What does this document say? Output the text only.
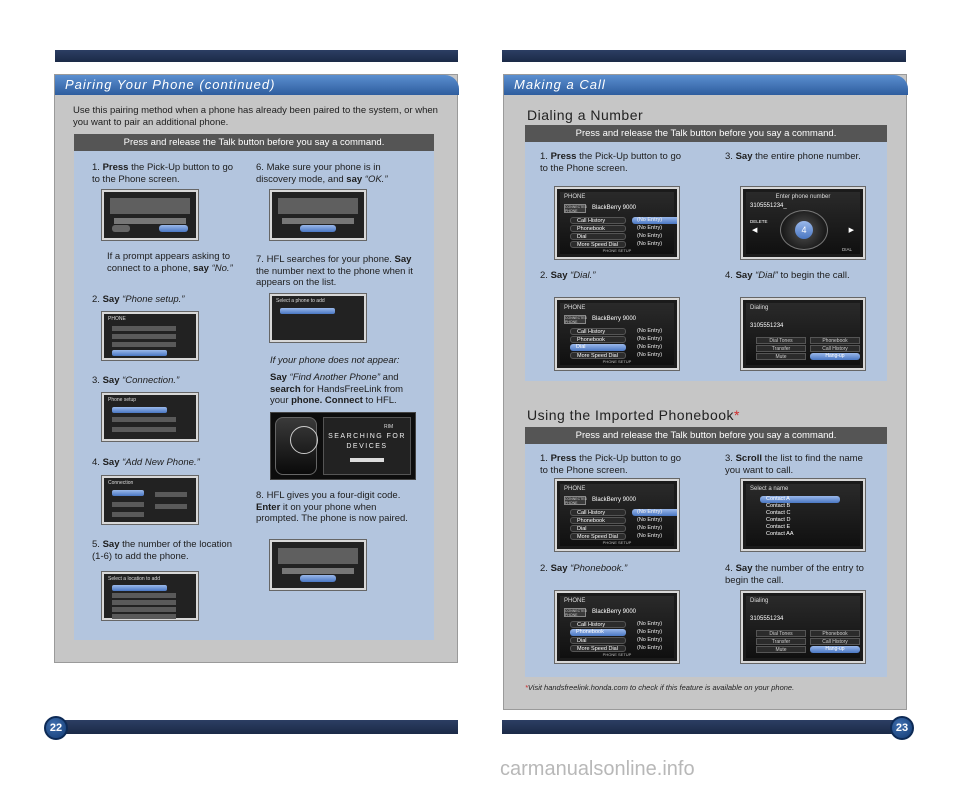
22	23
Pairing Your Phone (continued)
Use this pairing method when a phone has already been paired to the system, or when you want to pair an additional phone.
Press and release the Talk button before you say a command.
1. Press the Pick-Up button to go to the Phone screen.
If a prompt appears asking to connect to a phone, say “No.”
2. Say “Phone setup.”
PHONE
3. Say “Connection.”
Phone setup
4. Say “Add New Phone.”
Connection
5. Say the number of the location (1-6) to add the phone.
Select a location to add
6. Make sure your phone is in discovery mode, and say “OK.”
7. HFL searches for your phone. Say the number next to the phone when it appears on the list.
Select a phone to add
If your phone does not appear:
Say “Find Another Phone” and search for HandsFreeLink from your phone. Connect to HFL.
RIM
SEARCHING FOR DEVICES
8. HFL gives you a four-digit code. Enter it on your phone when prompted. The phone is now paired.
Making a Call
Dialing a Number
Press and release the Talk button before you say a command.
1. Press the Pick-Up button to go to the Phone screen.
PHONE
CONNECTED PHONE	BlackBerry 9000
Call History
Phonebook
Dial
More Speed Dial
(No Entry)
(No Entry)
(No Entry)
(No Entry)
PHONE SETUP
2. Say “Dial.”
PHONE
CONNECTED PHONE	BlackBerry 9000
Call History
Phonebook
Dial
More Speed Dial
(No Entry)
(No Entry)
(No Entry)
(No Entry)
PHONE SETUP
3. Say the entire phone number.
Enter phone number
3105551234_
DELETE
◀	▶
4
DIAL
4. Say “Dial” to begin the call.
Dialing
3105551234
Dial Tones	Phonebook
Transfer	Call History
Mute	Hang-up
Using the Imported Phonebook*
Press and release the Talk button before you say a command.
1. Press the Pick-Up button to go to the Phone screen.
PHONE
CONNECTED PHONE	BlackBerry 9000
Call History
Phonebook
Dial
More Speed Dial
(No Entry)
(No Entry)
(No Entry)
(No Entry)
PHONE SETUP
2. Say “Phonebook.”
PHONE
CONNECTED PHONE	BlackBerry 9000
Call History
Phonebook
Dial
More Speed Dial
(No Entry)
(No Entry)
(No Entry)
(No Entry)
PHONE SETUP
3. Scroll the list to find the name you want to call.
Select a name
Contact A
Contact B
Contact C
Contact D
Contact E
Contact AA
4. Say the number of the entry to begin the call.
Dialing
3105551234
Dial Tones	Phonebook
Transfer	Call History
Mute	Hang-up
*Visit handsfreelink.honda.com to check if this feature is available on your phone.
carmanualsonline.info
